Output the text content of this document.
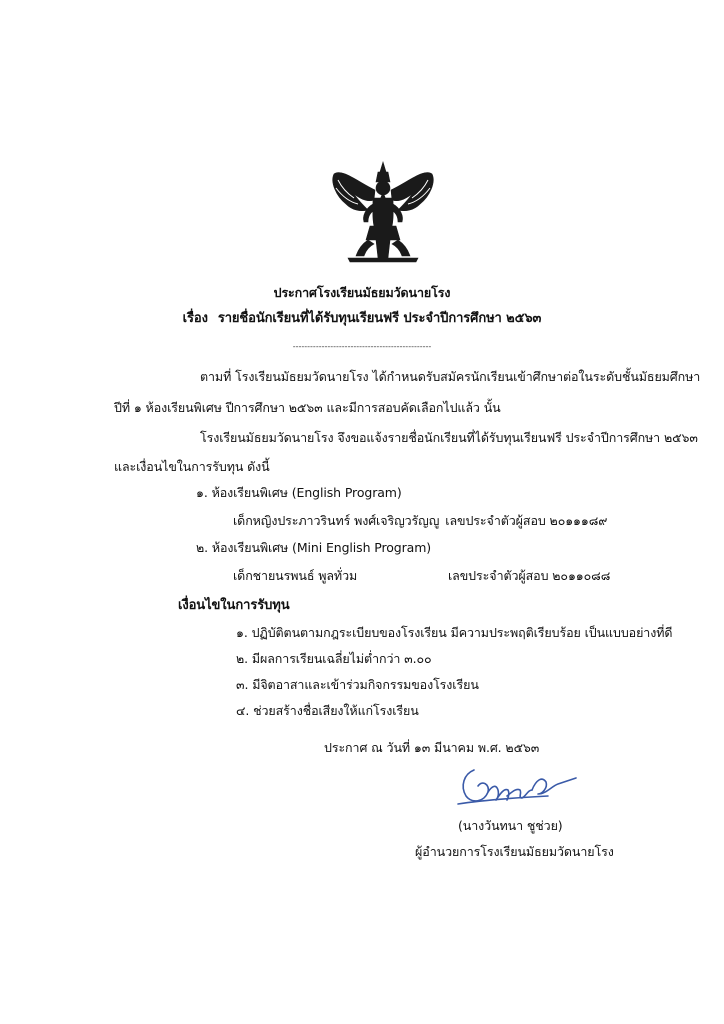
ประกาศโรงเรียนมัธยมวัดนายโรง
เรื่อง รายชื่อนักเรียนที่ได้รับทุนเรียนฟรี ประจำปีการศึกษา ๒๕๖๓
------------------------------------------------
ตามที่ โรงเรียนมัธยมวัดนายโรง ได้กำหนดรับสมัครนักเรียนเข้าศึกษาต่อในระดับชั้นมัธยมศึกษา
ปีที่ ๑ ห้องเรียนพิเศษ ปีการศึกษา ๒๕๖๓ และมีการสอบคัดเลือกไปแล้ว นั้น
โรงเรียนมัธยมวัดนายโรง จึงขอแจ้งรายชื่อนักเรียนที่ได้รับทุนเรียนฟรี ประจำปีการศึกษา ๒๕๖๓
และเงื่อนไขในการรับทุน ดังนี้
๑. ห้องเรียนพิเศษ (English Program)
เด็กหญิงประภาวรินทร์ พงศ์เจริญวรัญญู เลขประจำตัวผู้สอบ ๒๐๑๑๑๘๙
๒. ห้องเรียนพิเศษ (Mini English Program)
เด็กชายนรพนธ์ พูลทั่วม	เลขประจำตัวผู้สอบ ๒๐๑๑๐๘๘
เงื่อนไขในการรับทุน
๑. ปฏิบัติตนตามกฎระเบียบของโรงเรียน มีความประพฤติเรียบร้อย เป็นแบบอย่างที่ดี
๒. มีผลการเรียนเฉลี่ยไม่ต่ำกว่า ๓.๐๐
๓. มีจิตอาสาและเข้าร่วมกิจกรรมของโรงเรียน
๔. ช่วยสร้างชื่อเสียงให้แก่โรงเรียน
ประกาศ ณ วันที่ ๑๓ มีนาคม พ.ศ. ๒๕๖๓
(นางวันทนา ชูช่วย)
ผู้อำนวยการโรงเรียนมัธยมวัดนายโรง
